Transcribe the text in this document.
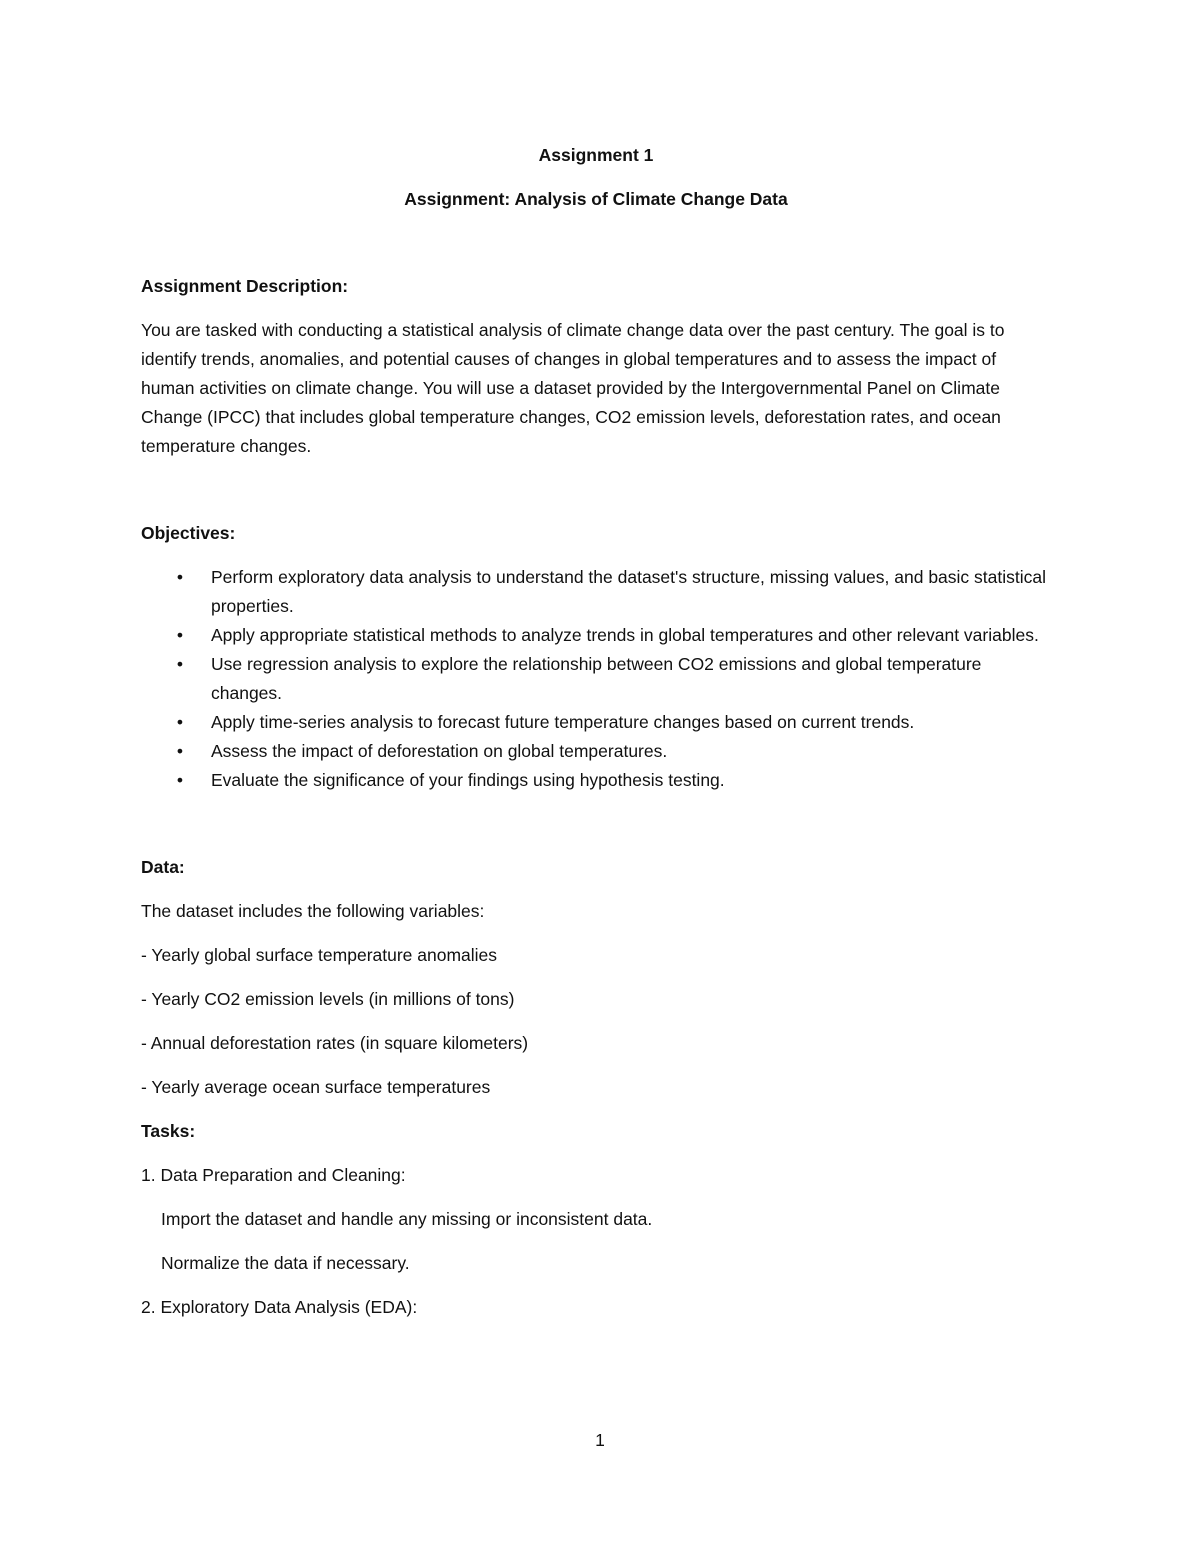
Assignment 1
Assignment: Analysis of Climate Change Data
Assignment Description:

You are tasked with conducting a statistical analysis of climate change data over the past century. The goal is to identify trends, anomalies, and potential causes of changes in global temperatures and to assess the impact of human activities on climate change. You will use a dataset provided by the Intergovernmental Panel on Climate Change (IPCC) that includes global temperature changes, CO2 emission levels, deforestation rates, and ocean temperature changes.

Objectives:
• Perform exploratory data analysis to understand the dataset's structure, missing values, and basic statistical properties.
• Apply appropriate statistical methods to analyze trends in global temperatures and other relevant variables.
• Use regression analysis to explore the relationship between CO2 emissions and global temperature changes.
• Apply time-series analysis to forecast future temperature changes based on current trends.
• Assess the impact of deforestation on global temperatures.
• Evaluate the significance of your findings using hypothesis testing.
Data:

The dataset includes the following variables:

- Yearly global surface temperature anomalies

- Yearly CO2 emission levels (in millions of tons)

- Annual deforestation rates (in square kilometers)

- Yearly average ocean surface temperatures

Tasks:

1. Data Preparation and Cleaning:

Import the dataset and handle any missing or inconsistent data.

Normalize the data if necessary.

2. Exploratory Data Analysis (EDA):

1
